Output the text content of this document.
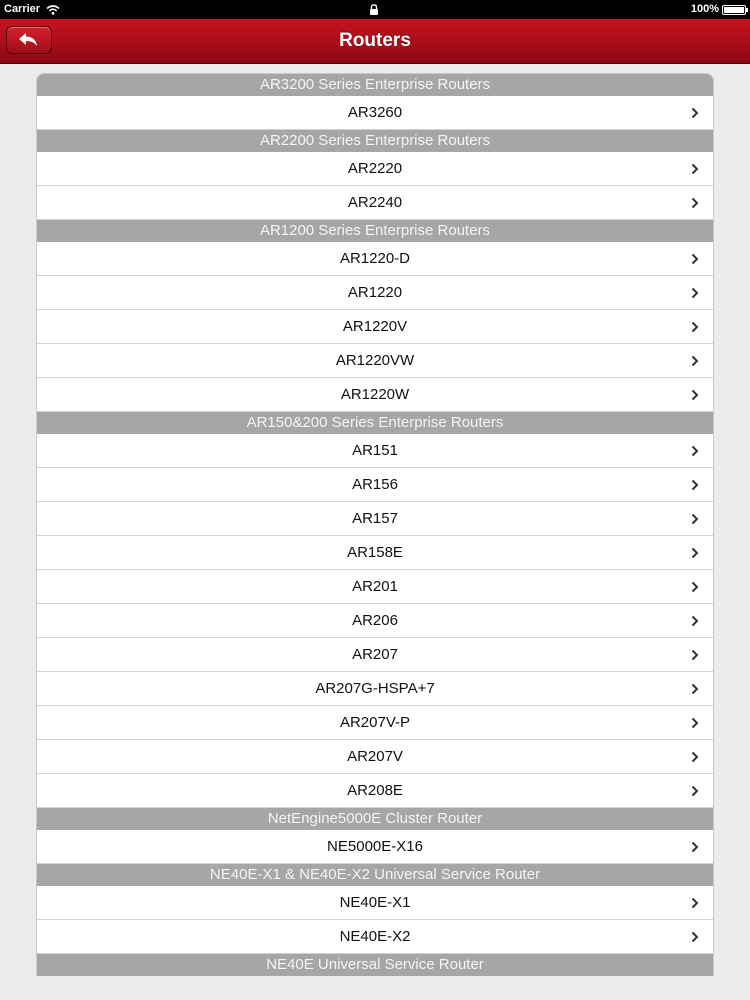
Carrier	100%
Routers
AR3200 Series Enterprise Routers
AR3260
AR2200 Series Enterprise Routers
AR2220
AR2240
AR1200 Series Enterprise Routers
AR1220-D
AR1220
AR1220V
AR1220VW
AR1220W
AR150&200 Series Enterprise Routers
AR151
AR156
AR157
AR158E
AR201
AR206
AR207
AR207G-HSPA+7
AR207V-P
AR207V
AR208E
NetEngine5000E Cluster Router
NE5000E-X16
NE40E-X1 & NE40E-X2 Universal Service Router
NE40E-X1
NE40E-X2
NE40E Universal Service Router
